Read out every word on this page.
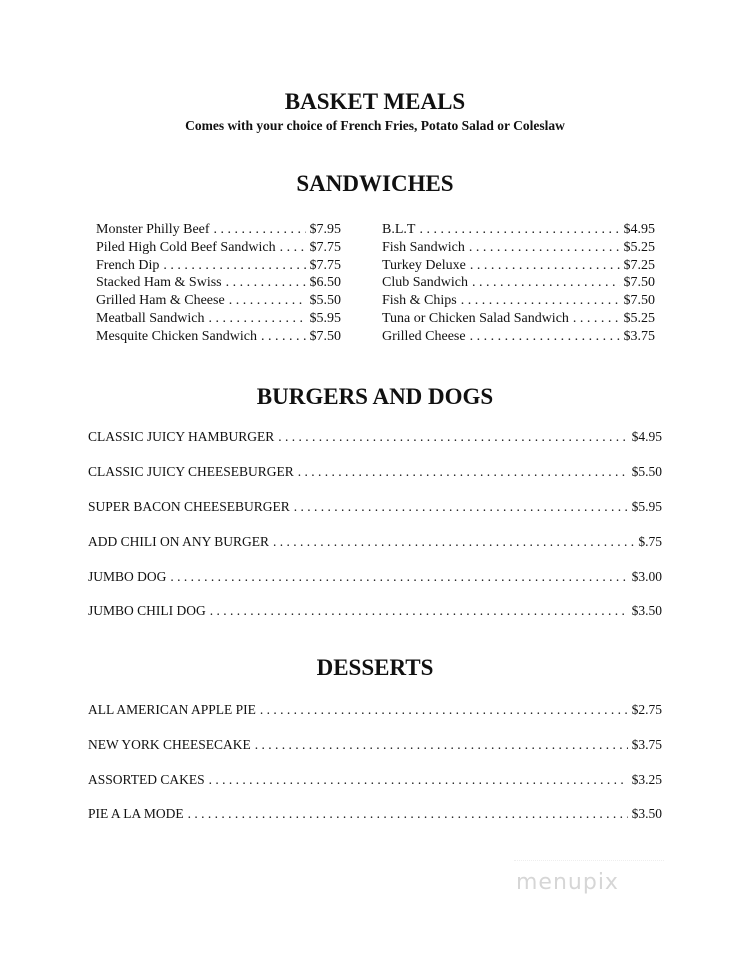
BASKET MEALS
Comes with your choice of French Fries, Potato Salad or Coleslaw
SANDWICHES
Monster Philly Beef . . .	$7.95
Piled High Cold Beef Sandwich . . . $7.75
French Dip . . .	$7.75
Stacked Ham & Swiss . . .	$6.50
Grilled Ham & Cheese . . .	$5.50
Meatball Sandwich . . .	$5.95
Mesquite Chicken Sandwich . . .	$7.50
B.L.T . . .	$4.95
Fish Sandwich . . .	$5.25
Turkey Deluxe . . .	$7.25
Club Sandwich . . .	$7.50
Fish & Chips . . .	$7.50
Tuna or Chicken Salad Sandwich . . .	$5.25
Grilled Cheese . . .	$3.75
BURGERS AND DOGS
CLASSIC JUICY HAMBURGER . . .	$4.95
CLASSIC JUICY CHEESEBURGER . . .	$5.50
SUPER BACON CHEESEBURGER . . .	$5.95
ADD CHILI ON ANY BURGER . . .	$.75
JUMBO DOG . . .	$3.00
JUMBO CHILI DOG . . .	$3.50
DESSERTS
ALL AMERICAN APPLE PIE . . .	$2.75
NEW YORK CHEESECAKE . . .	$3.75
ASSORTED CAKES . . .	$3.25
PIE A LA MODE . . .	$3.50
menupix
